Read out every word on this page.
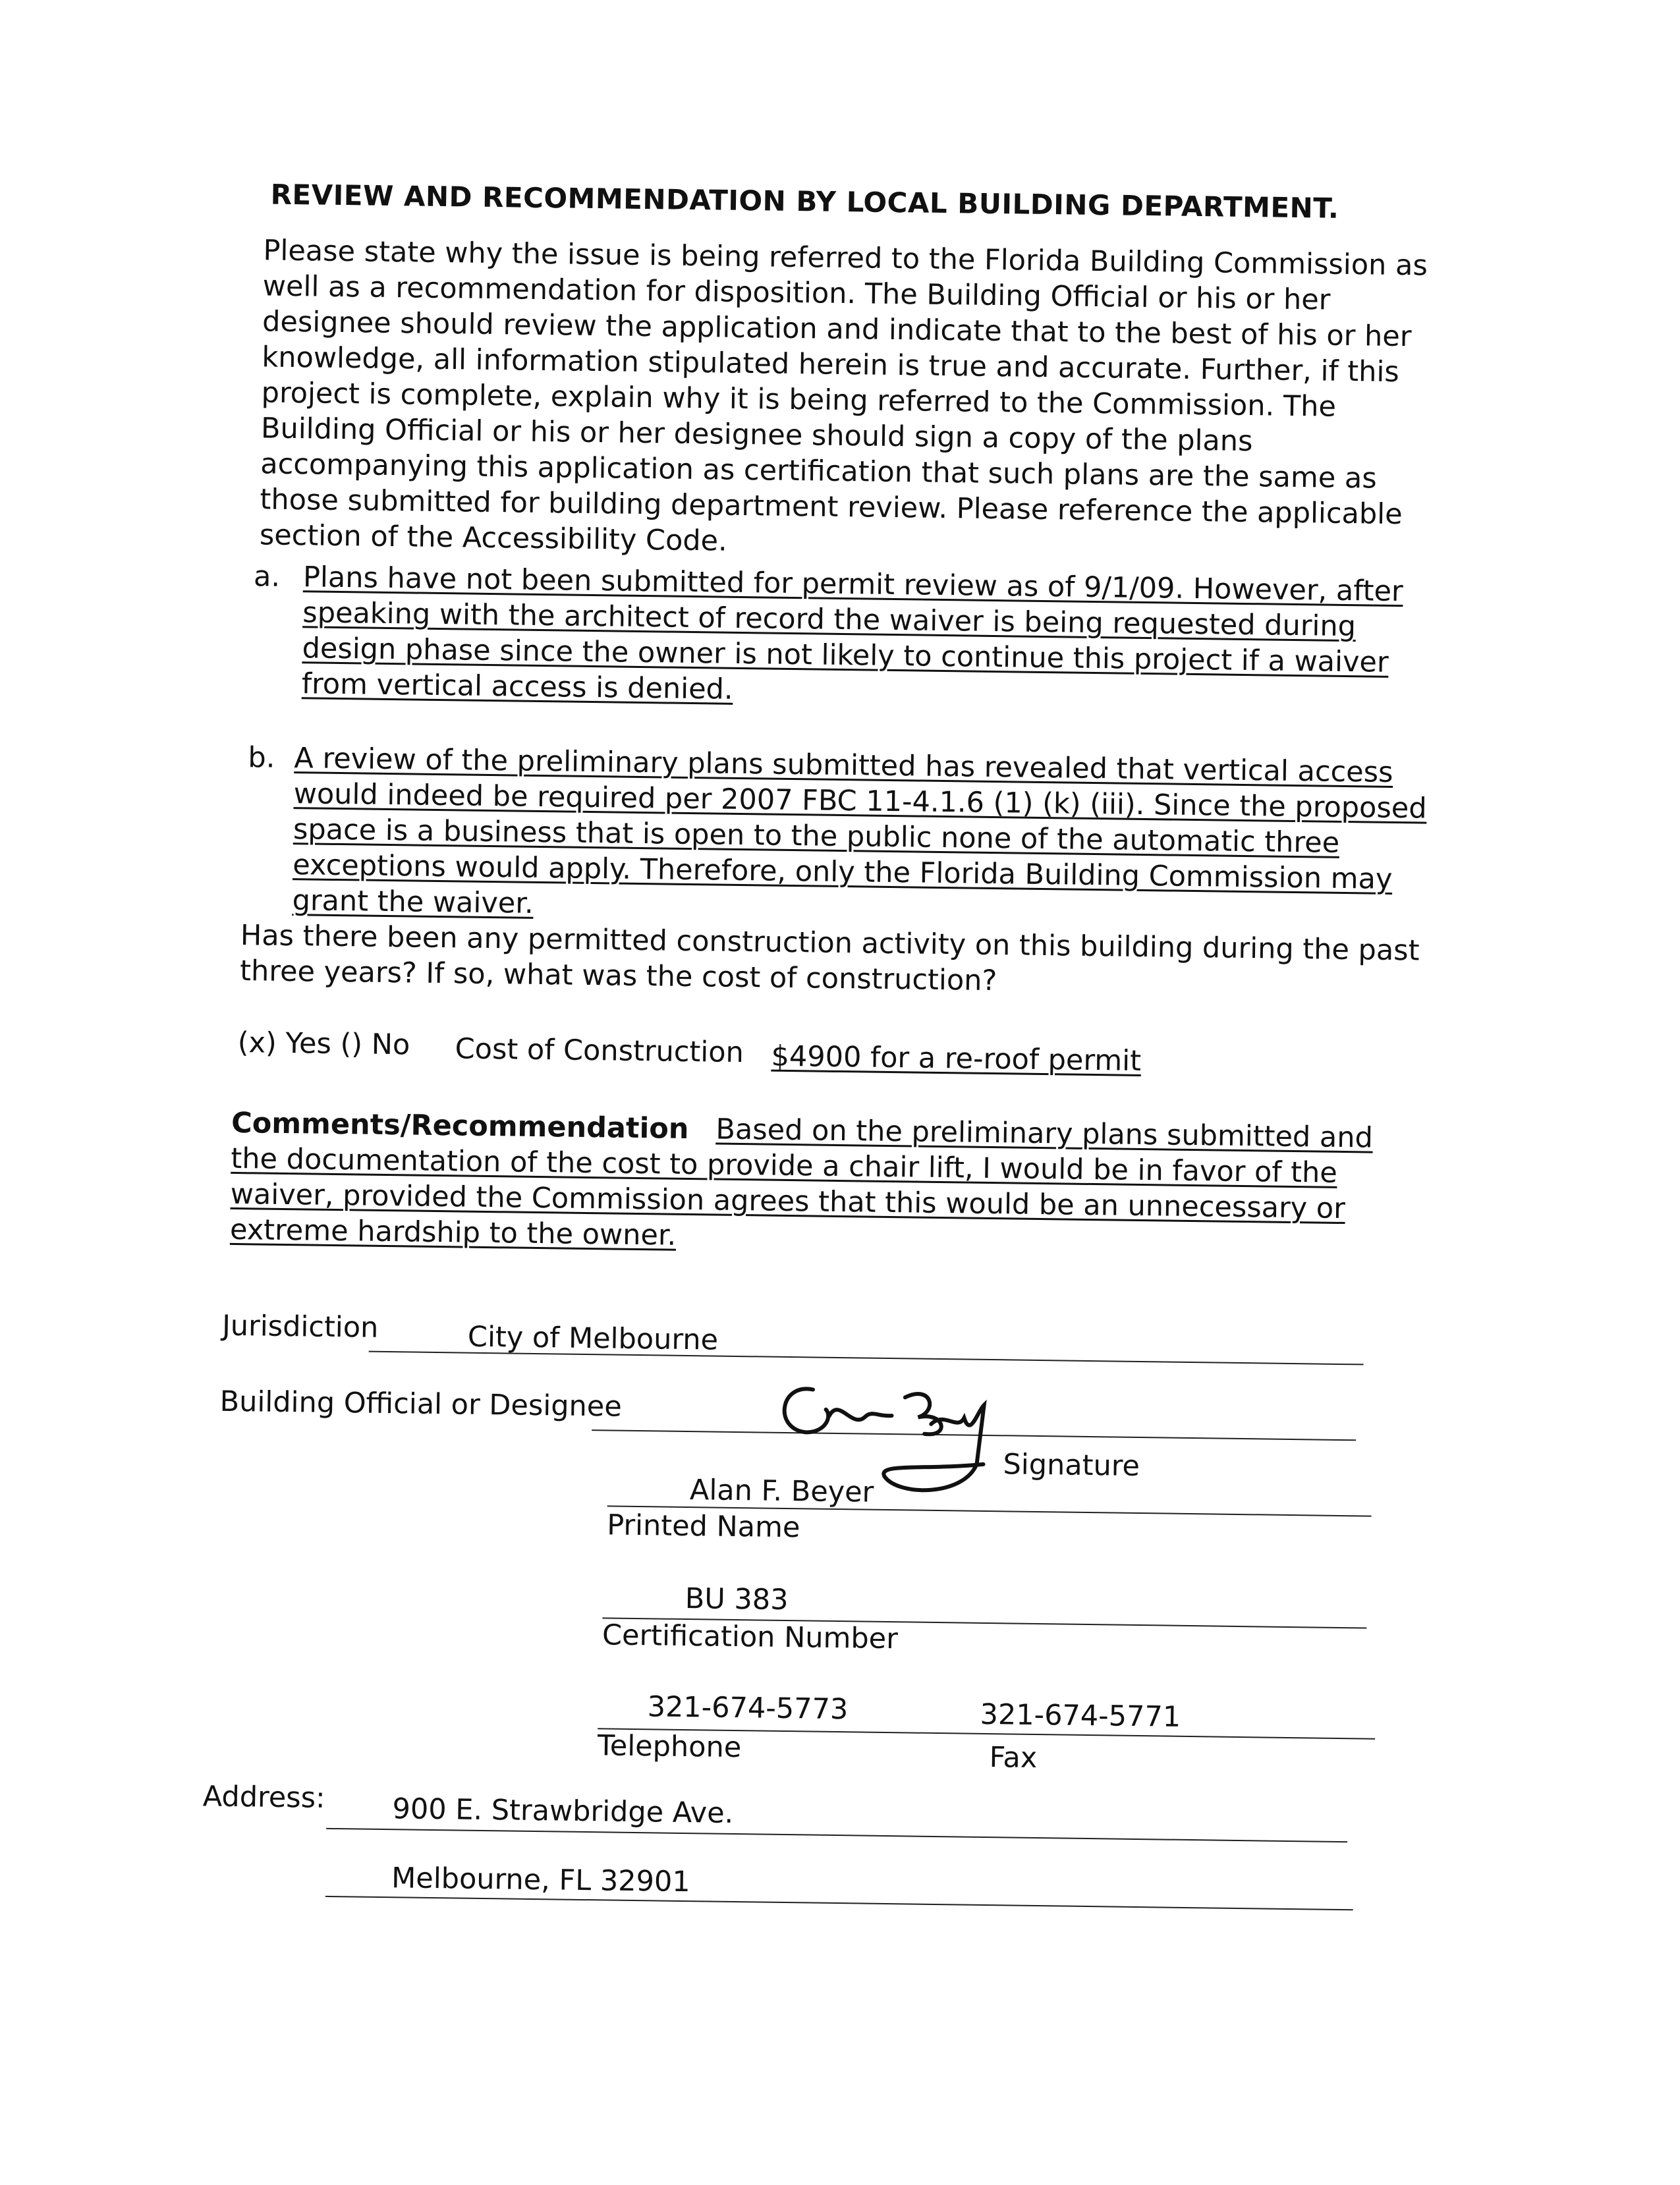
REVIEW AND RECOMMENDATION BY LOCAL BUILDING DEPARTMENT.
Please state why the issue is being referred to the Florida Building Commission as well as a recommendation for disposition. The Building Official or his or her designee should review the application and indicate that to the best of his or her knowledge, all information stipulated herein is true and accurate. Further, if this project is complete, explain why it is being referred to the Commission. The Building Official or his or her designee should sign a copy of the plans accompanying this application as certification that such plans are the same as those submitted for building department review. Please reference the applicable section of the Accessibility Code.
a. Plans have not been submitted for permit review as of 9/1/09. However, after speaking with the architect of record the waiver is being requested during design phase since the owner is not likely to continue this project if a waiver from vertical access is denied.
b. A review of the preliminary plans submitted has revealed that vertical access would indeed be required per 2007 FBC 11-4.1.6 (1) (k) (iii). Since the proposed space is a business that is open to the public none of the automatic three exceptions would apply. Therefore, only the Florida Building Commission may grant the waiver.
Has there been any permitted construction activity on this building during the past three years? If so, what was the cost of construction?
(x) Yes () No Cost of Construction $4900 for a re-roof permit
Comments/Recommendation Based on the preliminary plans submitted and the documentation of the cost to provide a chair lift, I would be in favor of the waiver, provided the Commission agrees that this would be an unnecessary or extreme hardship to the owner.
Jurisdiction	City of Melbourne
Building Official or Designee
Signature
Alan F. Beyer
Printed Name
BU 383
Certification Number
321-674-5773	321-674-5771
Telephone	Fax
Address: 900 E. Strawbridge Ave.
Melbourne, FL 32901
